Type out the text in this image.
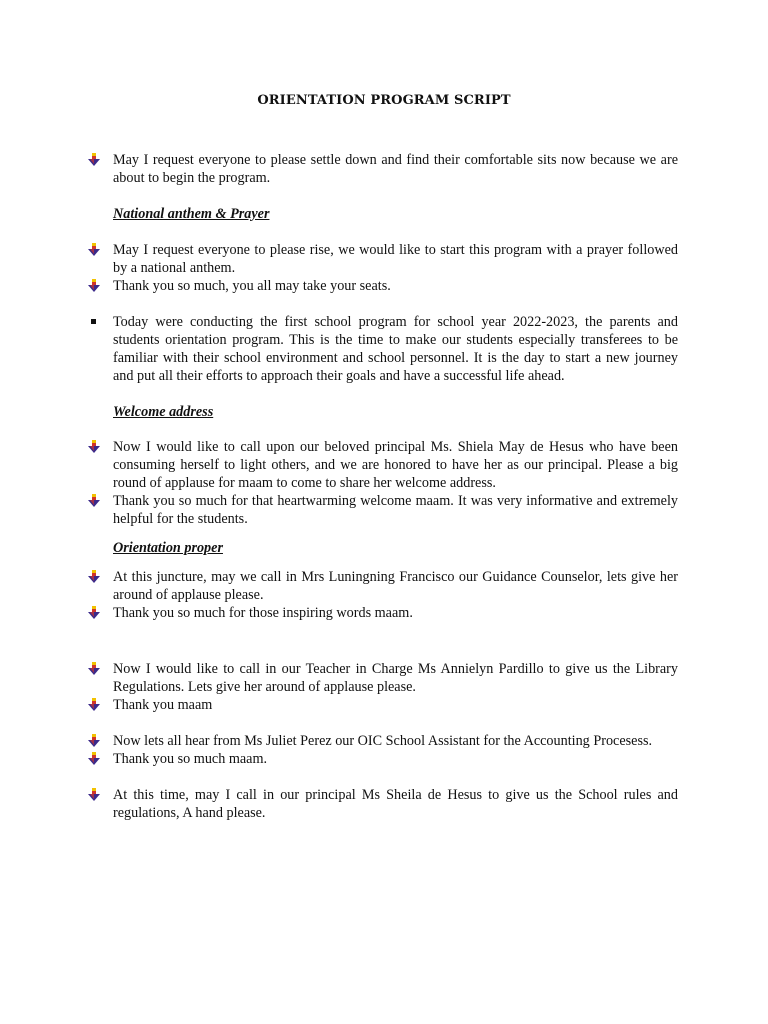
ORIENTATION PROGRAM SCRIPT
May I request everyone to please settle down and find their comfortable sits now because we are about to begin the program.
National anthem & Prayer
May I request everyone to please rise, we would like to start this program with a prayer followed by a national anthem.
Thank you so much, you all may take your seats.
Today were conducting the first school program for school year 2022-2023, the parents and students orientation program. This is the time to make our students especially transferees to be familiar with their school environment and school personnel. It is the day to start a new journey and put all their efforts to approach their goals and have a successful life ahead.
Welcome address
Now I would like to call upon our beloved principal Ms. Shiela May de Hesus who have been consuming herself to light others, and we are honored to have her as our principal. Please a big round of applause for maam to come to share her welcome address.
Thank you so much for that heartwarming welcome maam. It was very informative and extremely helpful for the students.
Orientation proper
At this juncture, may we call in Mrs Luningning Francisco our Guidance Counselor, lets give her around of applause please.
Thank you so much for those inspiring words maam.
Now I would like to call in our Teacher in Charge Ms Annielyn Pardillo to give us the Library Regulations. Lets give her around of applause please.
Thank you maam
Now lets all hear from Ms Juliet Perez our OIC School Assistant for the Accounting Procesess.
Thank you so much maam.
At this time, may I call in our principal Ms Sheila de Hesus to give us the School rules and regulations, A hand please.
